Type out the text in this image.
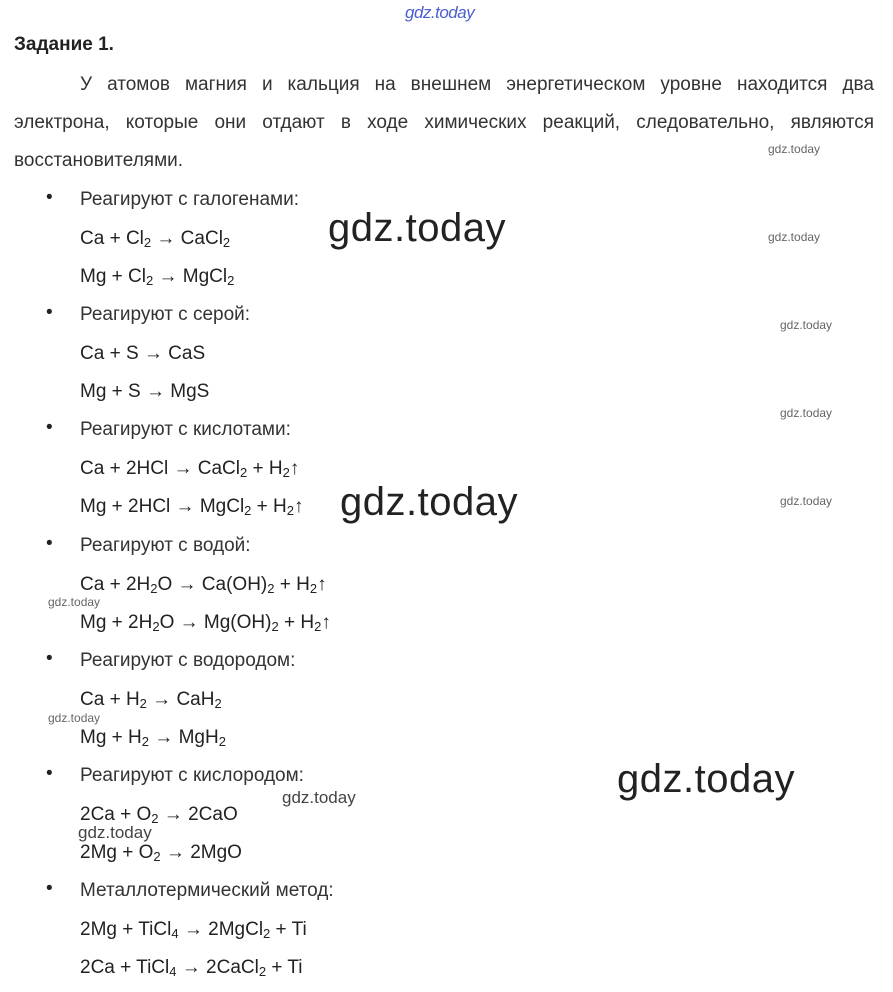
gdz.today
Задание 1.

У атомов магния и кальция на внешнем энергетическом уровне находится два электрона, которые они отдают в ходе химических реакций, следовательно, являются восстановителями.

• Реагируют с галогенами:
$Ca + Cl_2$ → CaCl$_2$
$Mg + Cl_2$ → MgCl$_2$
• Реагируют с серой:
Ca + S → CaS
Mg + S → MgS
• Реагируют с кислотами:
Ca + 2HCl → CaCl$_2$ + $H_2↑$
Mg + 2HCl → MgCl$_2$ + $H_2↑$
• Реагируют с водой:
$Ca + 2H_2O \to Ca(OH)_2$ + $H_2↑$
$Mg + 2H_2O \to Mg(OH)_2$ + $H_2↑$
• Реагируют с водородом:
$Ca + H_2 \to CaH_2$
$Mg + H_2 \to MgH_2$
• Реагируют с кислородом:
$2Ca + O_2 \to 2CaO$
$2Mg + O_2 \to 2MgO$
• Металлотермический метод:
2Mg + TiCl$_4$ → 2MgCl$_2$ + Ti
2Ca + TiCl$_4$ → 2CaCl$_2$ + Ti
gdz.today
gdz.today	gdz.today
gdz.today
gdz.today
gdz.today	gdz.today
gdz.today
gdz.today
gdz.today
gdz.today
gdz.today
